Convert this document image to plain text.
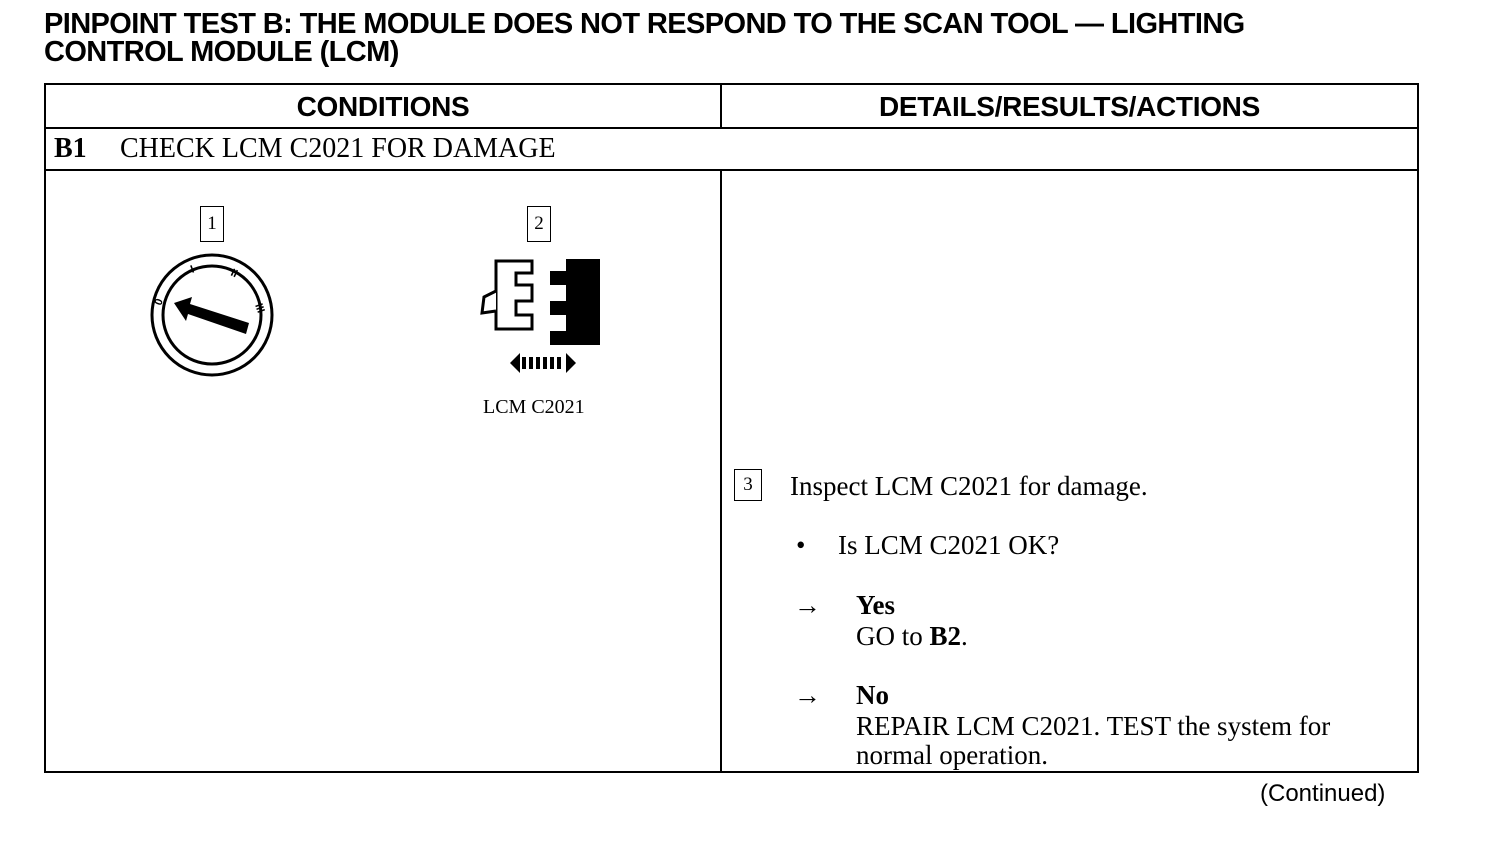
PINPOINT TEST B: THE MODULE DOES NOT RESPOND TO THE SCAN TOOL — LIGHTING
CONTROL MODULE (LCM)
CONDITIONS	DETAILS/RESULTS/ACTIONS
B1 CHECK LCM C2021 FOR DAMAGE
1	2
0
I	II
III
LCM C2021
3	Inspect LCM C2021 for damage.
• Is LCM C2021 OK?
→ Yes
GO to B2.
→ No
REPAIR LCM C2021. TEST the system for
normal operation.
(Continued)
